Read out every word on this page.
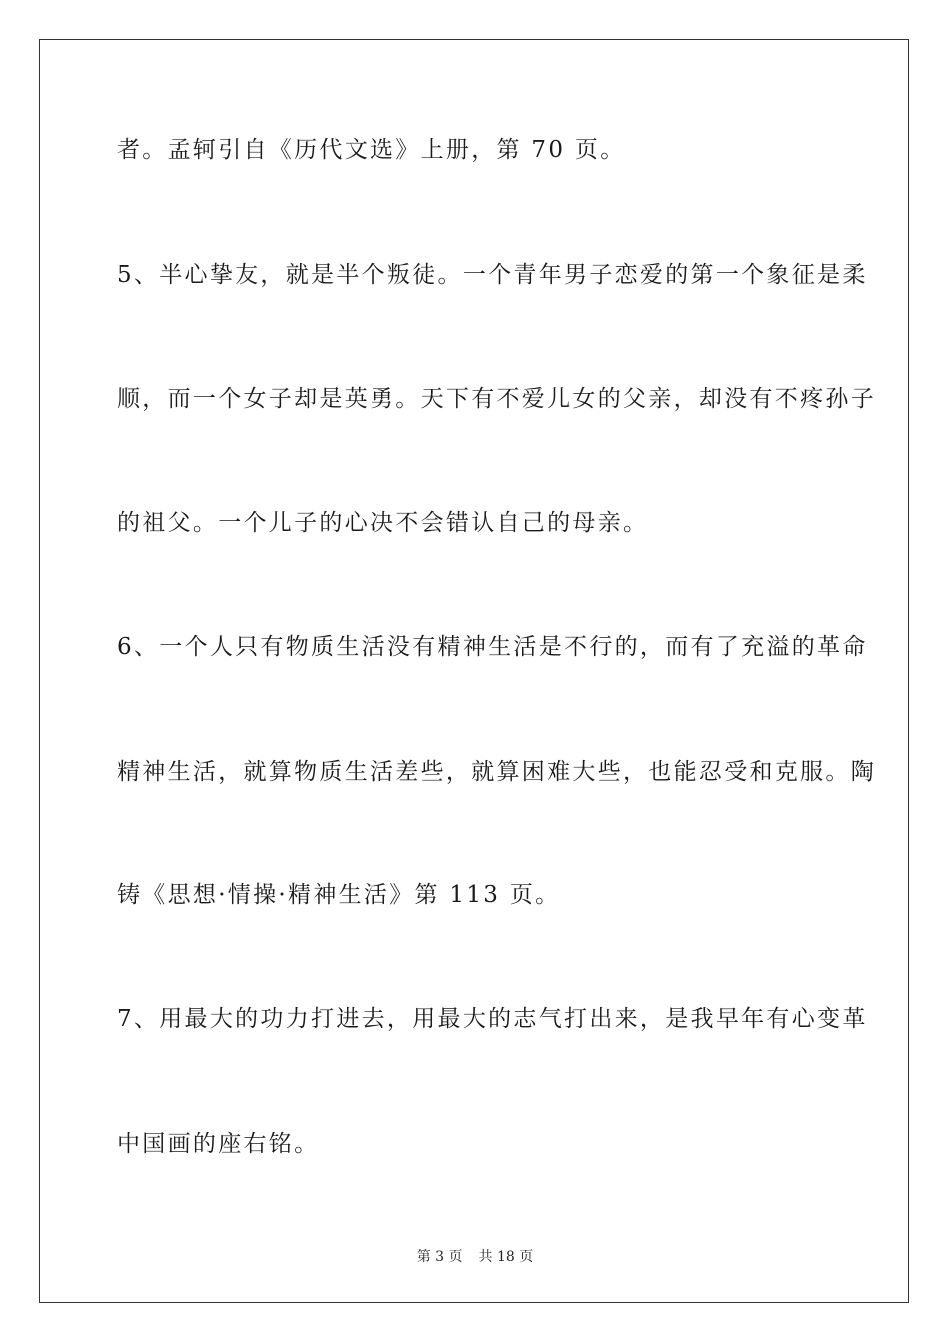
者。孟轲引自《历代文选》上册，第 70 页。
5、半心挚友，就是半个叛徒。一个青年男子恋爱的第一个象征是柔
顺，而一个女子却是英勇。天下有不爱儿女的父亲，却没有不疼孙子
的祖父。一个儿子的心决不会错认自己的母亲。
6、一个人只有物质生活没有精神生活是不行的，而有了充溢的革命
精神生活，就算物质生活差些，就算困难大些，也能忍受和克服。陶
铸《思想·情操·精神生活》第 113 页。
7、用最大的功力打进去，用最大的志气打出来，是我早年有心变革
中国画的座右铭。
第 3 页 共 18 页
